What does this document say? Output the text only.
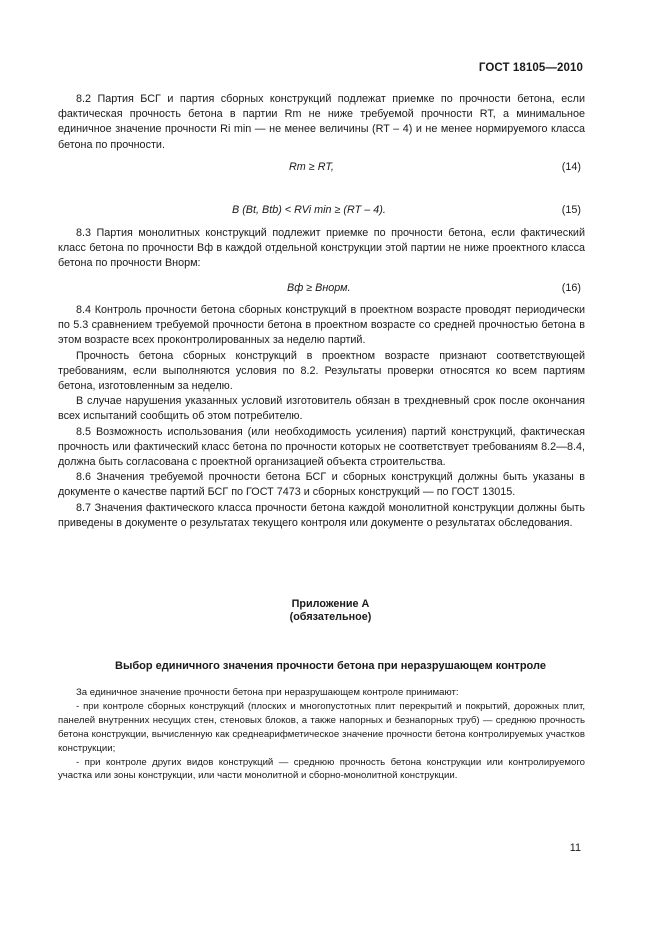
ГОСТ 18105—2010

8.2 Партия БСГ и партия сборных конструкций подлежат приемке по прочности бетона, если фактическая прочность бетона в партии Rm не ниже требуемой прочности RT, а минимальное единичное значение прочности Ri min — не менее величины (RT – 4) и не менее нормируемого класса бетона по прочности.

Rm ≥ RT,	(14)
B (Bt, Btb) < RVi min ≥ (RT – 4).	(15)

8.3 Партия монолитных конструкций подлежит приемке по прочности бетона, если фактический класс бетона по прочности Bф в каждой отдельной конструкции этой партии не ниже проектного класса бетона по прочности Bнорм:

Bф ≥ Bнорм.	(16)

8.4 Контроль прочности бетона сборных конструкций в проектном возрасте проводят периодически по 5.3 сравнением требуемой прочности бетона в проектном возрасте со средней прочностью бетона в этом возрасте всех проконтролированных за неделю партий.

Прочность бетона сборных конструкций в проектном возрасте признают соответствующей требованиям, если выполняются условия по 8.2. Результаты проверки относятся ко всем партиям бетона, изготовленным за неделю.

В случае нарушения указанных условий изготовитель обязан в трехдневный срок после окончания всех испытаний сообщить об этом потребителю.

8.5 Возможность использования (или необходимость усиления) партий конструкций, фактическая прочность или фактический класс бетона по прочности которых не соответствует требованиям 8.2—8.4, должна быть согласована с проектной организацией объекта строительства.

8.6 Значения требуемой прочности бетона БСГ и сборных конструкций должны быть указаны в документе о качестве партий БСГ по ГОСТ 7473 и сборных конструкций — по ГОСТ 13015.

8.7 Значения фактического класса прочности бетона каждой монолитной конструкции должны быть приведены в документе о результатах текущего контроля или документе о результатах обследования.

Приложение А
(обязательное)
Выбор единичного значения прочности бетона при неразрушающем контроле

За единичное значение прочности бетона при неразрушающем контроле принимают:

- при контроле сборных конструкций (плоских и многопустотных плит перекрытий и покрытий, дорожных плит, панелей внутренних несущих стен, стеновых блоков, а также напорных и безнапорных труб) — среднюю прочность бетона конструкции, вычисленную как среднеарифметическое значение прочности бетона контролируемых участков конструкции;

- при контроле других видов конструкций — среднюю прочность бетона конструкции или контролируемого участка или зоны конструкции, или части монолитной и сборно-монолитной конструкции.

11
